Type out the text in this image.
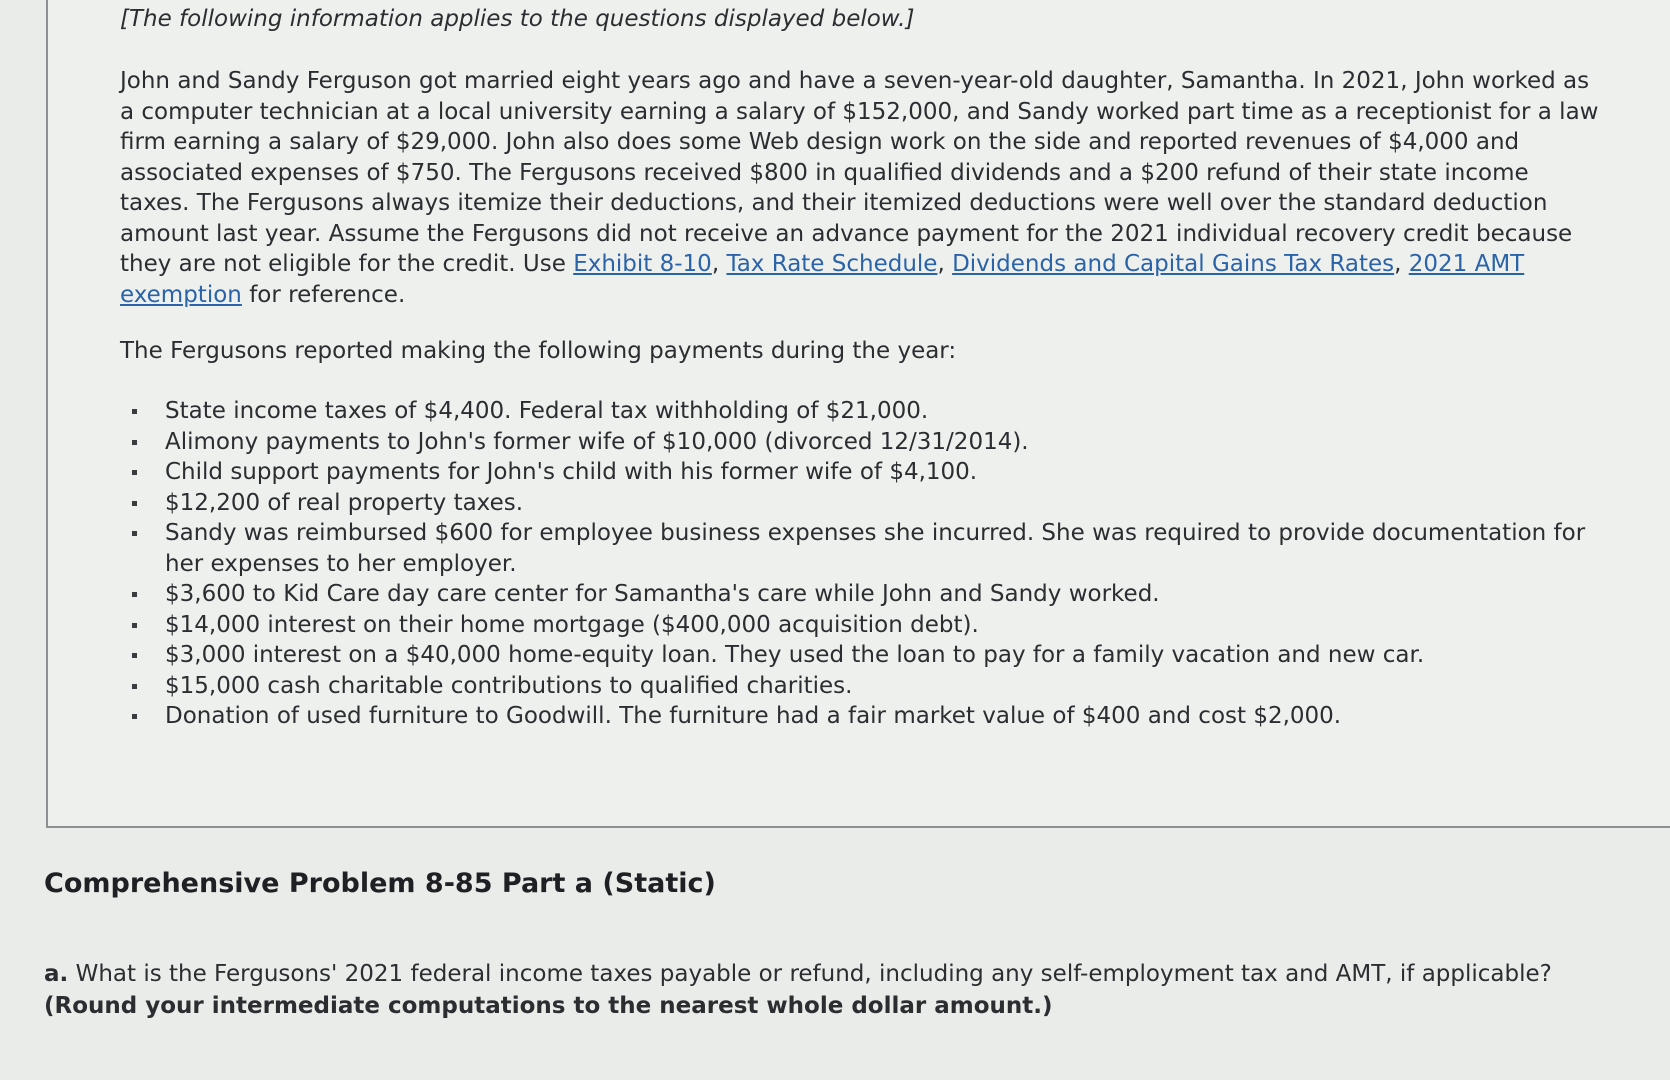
[The following information applies to the questions displayed below.]

John and Sandy Ferguson got married eight years ago and have a seven-year-old daughter, Samantha. In 2021, John worked as a computer technician at a local university earning a salary of $152,000, and Sandy worked part time as a receptionist for a law firm earning a salary of $29,000. John also does some Web design work on the side and reported revenues of $4,000 and associated expenses of $750. The Fergusons received $800 in qualified dividends and a $200 refund of their state income taxes. The Fergusons always itemize their deductions, and their itemized deductions were well over the standard deduction amount last year. Assume the Fergusons did not receive an advance payment for the 2021 individual recovery credit because they are not eligible for the credit. Use Exhibit 8-10, Tax Rate Schedule, Dividends and Capital Gains Tax Rates, 2021 AMT exemption for reference.

The Fergusons reported making the following payments during the year:

State income taxes of $4,400. Federal tax withholding of $21,000.
Alimony payments to John's former wife of $10,000 (divorced 12/31/2014).
Child support payments for John's child with his former wife of $4,100.
$12,200 of real property taxes.
Sandy was reimbursed $600 for employee business expenses she incurred. She was required to provide documentation for her expenses to her employer.
$3,600 to Kid Care day care center for Samantha's care while John and Sandy worked.
$14,000 interest on their home mortgage ($400,000 acquisition debt).
$3,000 interest on a $40,000 home-equity loan. They used the loan to pay for a family vacation and new car.
$15,000 cash charitable contributions to qualified charities.
Donation of used furniture to Goodwill. The furniture had a fair market value of $400 and cost $2,000.
Comprehensive Problem 8-85 Part a (Static)

a. What is the Fergusons' 2021 federal income taxes payable or refund, including any self-employment tax and AMT, if applicable?
(Round your intermediate computations to the nearest whole dollar amount.)
